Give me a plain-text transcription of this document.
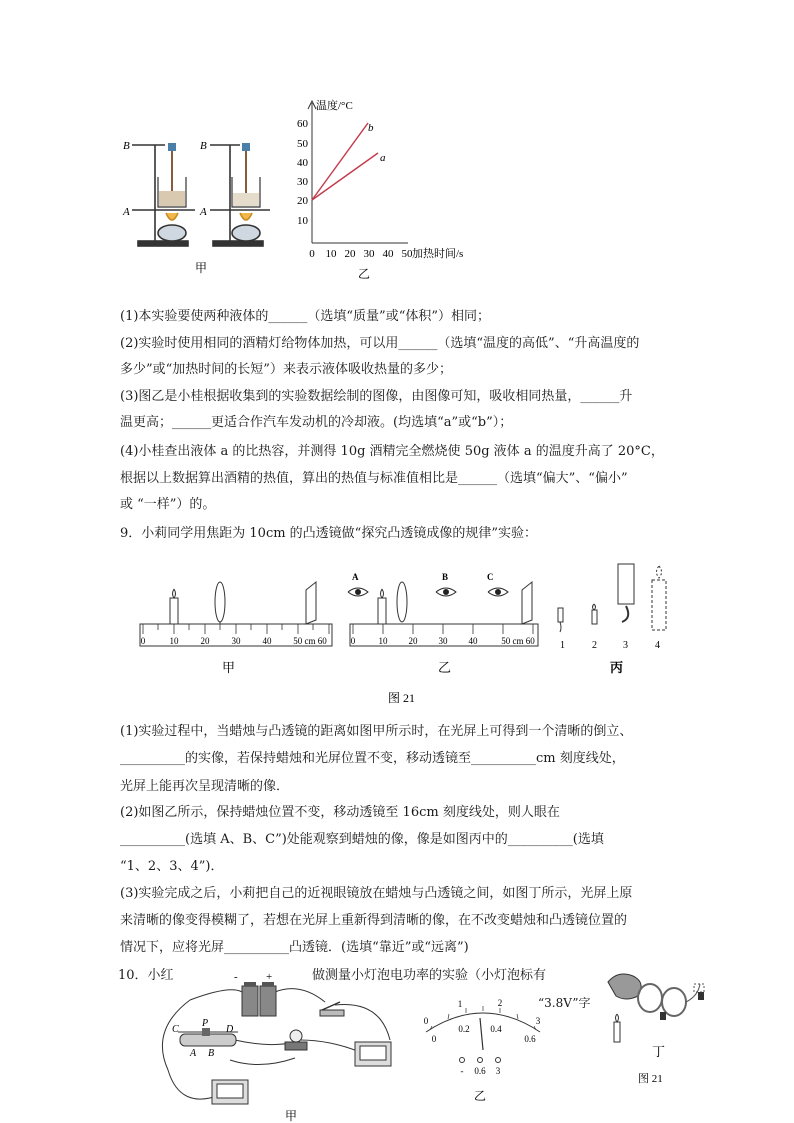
B
A
B
A
甲
60
50
40
30
20
10
0 10 20 30 40 50
b
a
温度/°C
加热时间/s
乙
(1)本实验要使两种液体的______（选填“质量”或“体积”）相同；
(2)实验时使用相同的酒精灯给物体加热，可以用______（选填“温度的高低”、“升高温度的
多少”或“加热时间的长短”）来表示液体吸收热量的多少；
(3)图乙是小桂根据收集到的实验数据绘制的图像，由图像可知，吸收相同热量，______升
温更高；______更适合作汽车发动机的冷却液。(均选填“a”或“b”）；
(4)小桂查出液体 a 的比热容，并测得 10g 酒精完全燃烧使 50g 液体 a 的温度升高了 20°C，
根据以上数据算出酒精的热值，算出的热值与标准值相比是______（选填“偏大”、“偏小”
或 “一样”）的。
9．小莉同学用焦距为 10cm 的凸透镜做“探究凸透镜成像的规律”实验：
0	10 20 30 40 50 cm 60
甲
0	10 20 30 40	50 cm 60
A	B	C
乙
1	2	3	4
丙
图 21
(1)实验过程中，当蜡烛与凸透镜的距离如图甲所示时，在光屏上可得到一个清晰的倒立、
__________的实像，若保持蜡烛和光屏位置不变，移动透镜至__________cm 刻度线处，
光屏上能再次呈现清晰的像．
(2)如图乙所示，保持蜡烛位置不变，移动透镜至 16cm 刻度线处，则人眼在
__________(选填 A、B、C”)处能观察到蜡烛的像，像是如图丙中的__________(选填
“1、2、3、4”)．
(3)实验完成之后，小莉把自己的近视眼镜放在蜡烛与凸透镜之间，如图丁所示，光屏上原
来清晰的像变得模糊了，若想在光屏上重新得到清晰的像，在不改变蜡烛和凸透镜位置的
情况下，应将光屏__________凸透镜．(选填“靠近”或“远离”)
10．小红	做测量小灯泡电功率的实验（小灯泡标有
“3.8V”字
-	+
C
P
D
A B
甲
0
1	2
3
0.2 0.4
0.6
0
- 0.6 3
乙
丁
图 21
